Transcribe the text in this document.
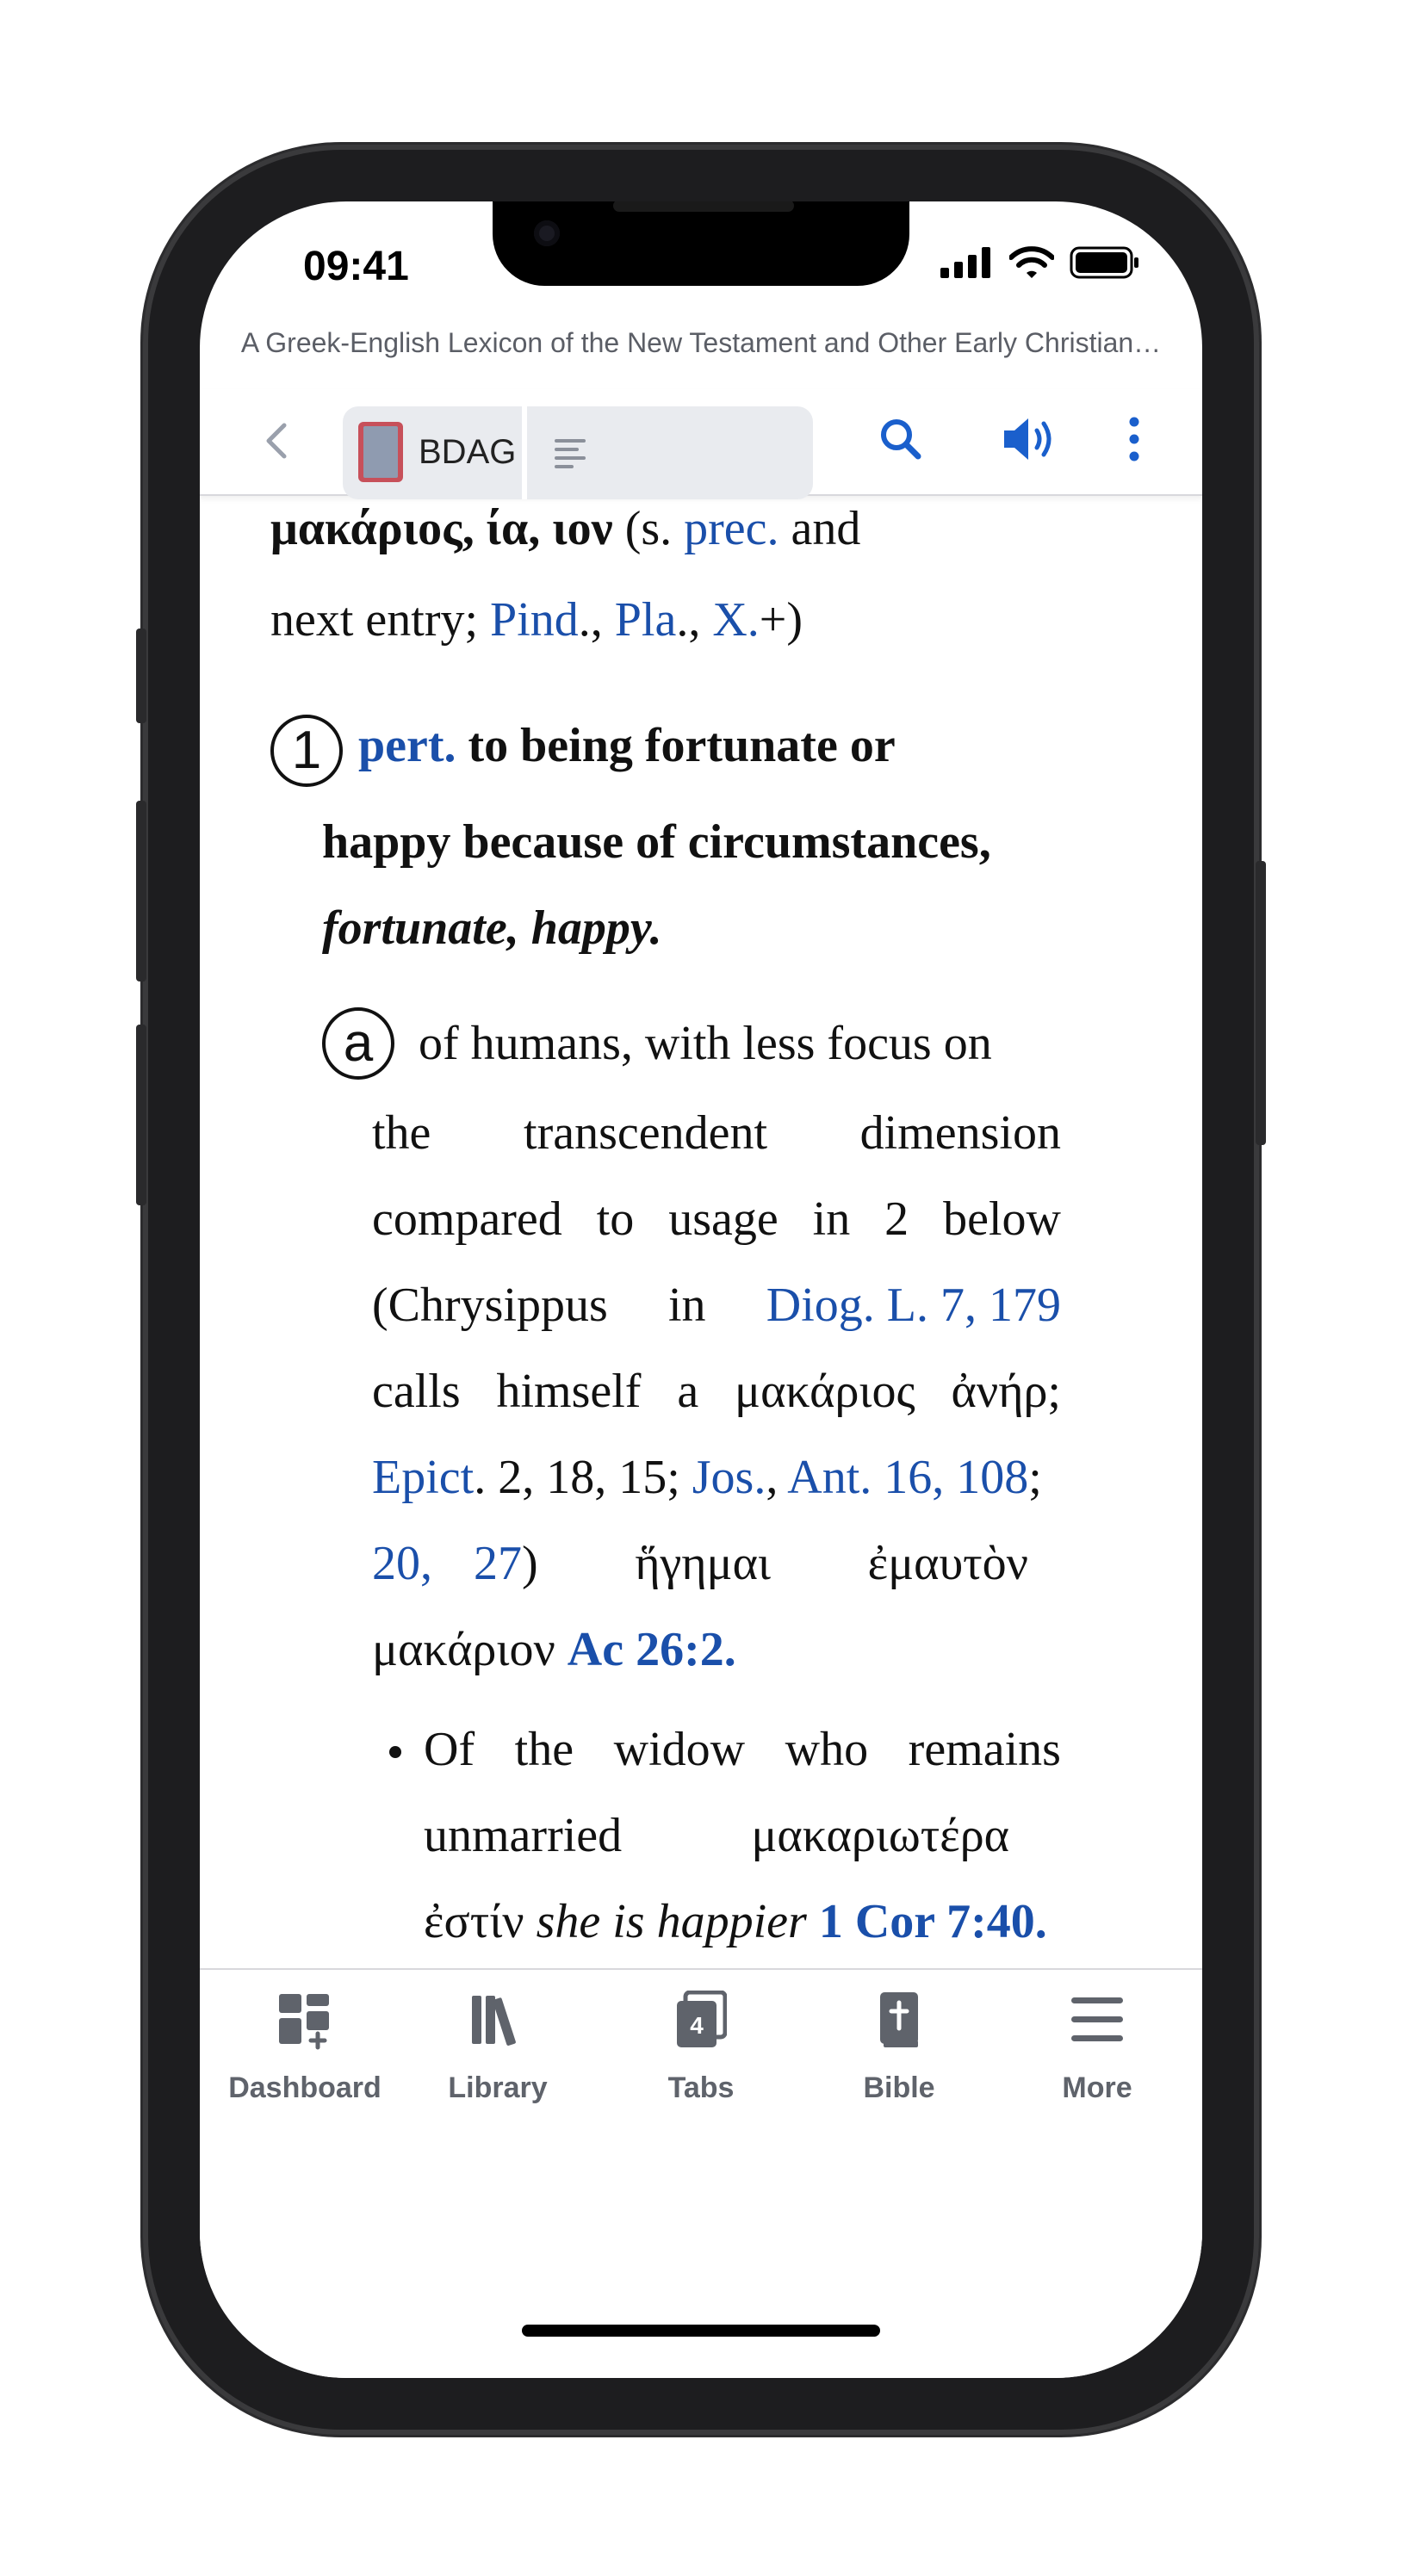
09:41
A Greek-English Lexicon of the New Testament and Other Early Christian…
BDAG
μακάριος, ία, ιον (s. prec. and
next entry; Pind., Pla., X.+)
1 pert. to being fortunate or
happy because of circumstances,
fortunate, happy.
a of humans, with less focus on
the transcendent dimension
compared to usage in 2 below
(Chrysippus in Diog. L. 7, 179
calls himself a μακάριος ἀνήρ;
Epict. 2, 18, 15; Jos., Ant. 16, 108;
20, 27) ἥγημαι ἐμαυτὸν
μακάριον Ac 26:2.
Of the widow who remains
unmarried	μακαριωτέρα
ἐστίν she is happier 1 Cor 7:40.
Dashboard	Library
4
Tabs	Bible	More
